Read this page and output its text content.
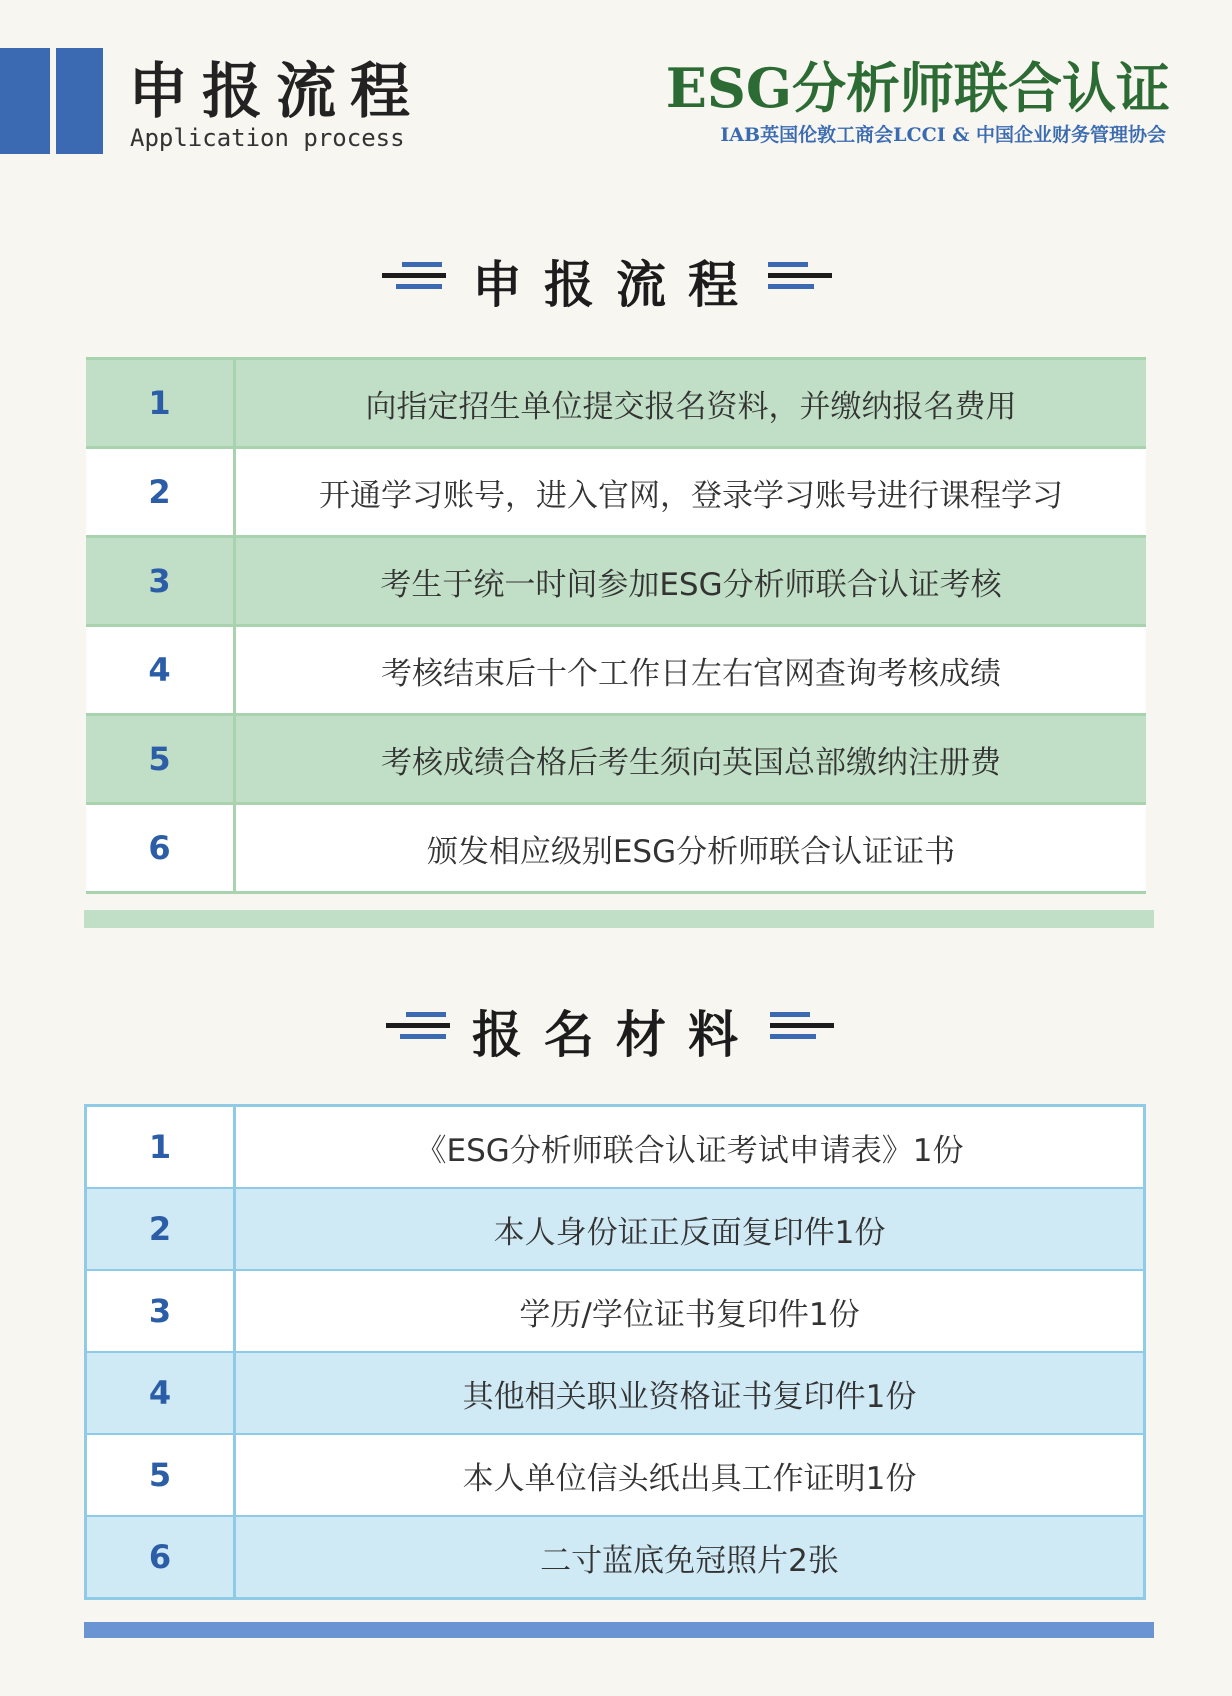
申报流程
Application process
ESG分析师联合认证
IAB英国伦敦工商会LCCI & 中国企业财务管理协会
申报流程
1	向指定招生单位提交报名资料，并缴纳报名费用
2	开通学习账号，进入官网，登录学习账号进行课程学习
3	考生于统一时间参加ESG分析师联合认证考核
4	考核结束后十个工作日左右官网查询考核成绩
5	考核成绩合格后考生须向英国总部缴纳注册费
6	颁发相应级别ESG分析师联合认证证书
报名材料
1	《ESG分析师联合认证考试申请表》1份
2	本人身份证正反面复印件1份
3	学历/学位证书复印件1份
4	其他相关职业资格证书复印件1份
5	本人单位信头纸出具工作证明1份
6	二寸蓝底免冠照片2张
